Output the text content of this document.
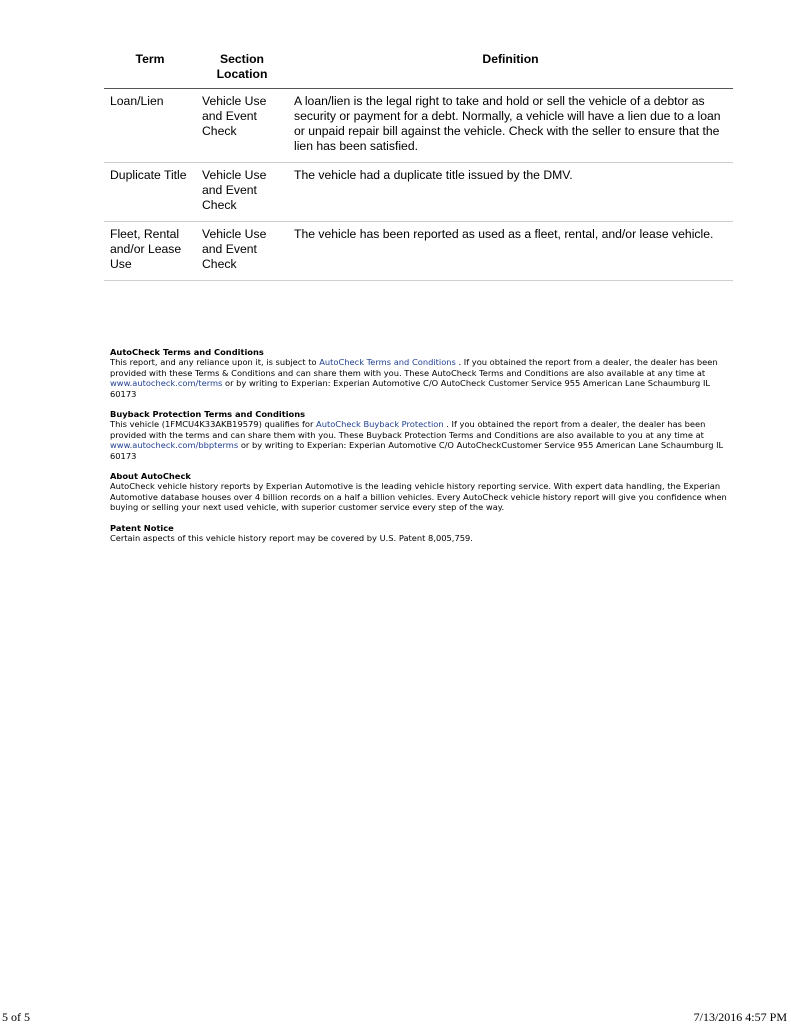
Term	Section Location	Definition
Loan/Lien	Vehicle Use and Event Check	A loan/lien is the legal right to take and hold or sell the vehicle of a debtor as security or payment for a debt. Normally, a vehicle will have a lien due to a loan or unpaid repair bill against the vehicle. Check with the seller to ensure that the lien has been satisfied.
Duplicate Title	Vehicle Use and Event Check	The vehicle had a duplicate title issued by the DMV.
Fleet, Rental and/or Lease Use	Vehicle Use and Event Check	The vehicle has been reported as used as a fleet, rental, and/or lease vehicle.
AutoCheck Terms and Conditions

This report, and any reliance upon it, is subject to AutoCheck Terms and Conditions . If you obtained the report from a dealer, the dealer has been provided with these Terms & Conditions and can share them with you. These AutoCheck Terms and Conditions are also available at any time at www.autocheck.com/terms or by writing to Experian: Experian Automotive C/O AutoCheck Customer Service 955 American Lane Schaumburg IL 60173

Buyback Protection Terms and Conditions

This vehicle (1FMCU4K33AKB19579) qualifies for AutoCheck Buyback Protection . If you obtained the report from a dealer, the dealer has been provided with the terms and can share them with you. These Buyback Protection Terms and Conditions are also available to you at any time at www.autocheck.com/bbpterms or by writing to Experian: Experian Automotive C/O AutoCheckCustomer Service 955 American Lane Schaumburg IL 60173

About AutoCheck

AutoCheck vehicle history reports by Experian Automotive is the leading vehicle history reporting service. With expert data handling, the Experian Automotive database houses over 4 billion records on a half a billion vehicles. Every AutoCheck vehicle history report will give you confidence when buying or selling your next used vehicle, with superior customer service every step of the way.

Patent Notice

Certain aspects of this vehicle history report may be covered by U.S. Patent 8,005,759.

5 of 5	7/13/2016 4:57 PM
